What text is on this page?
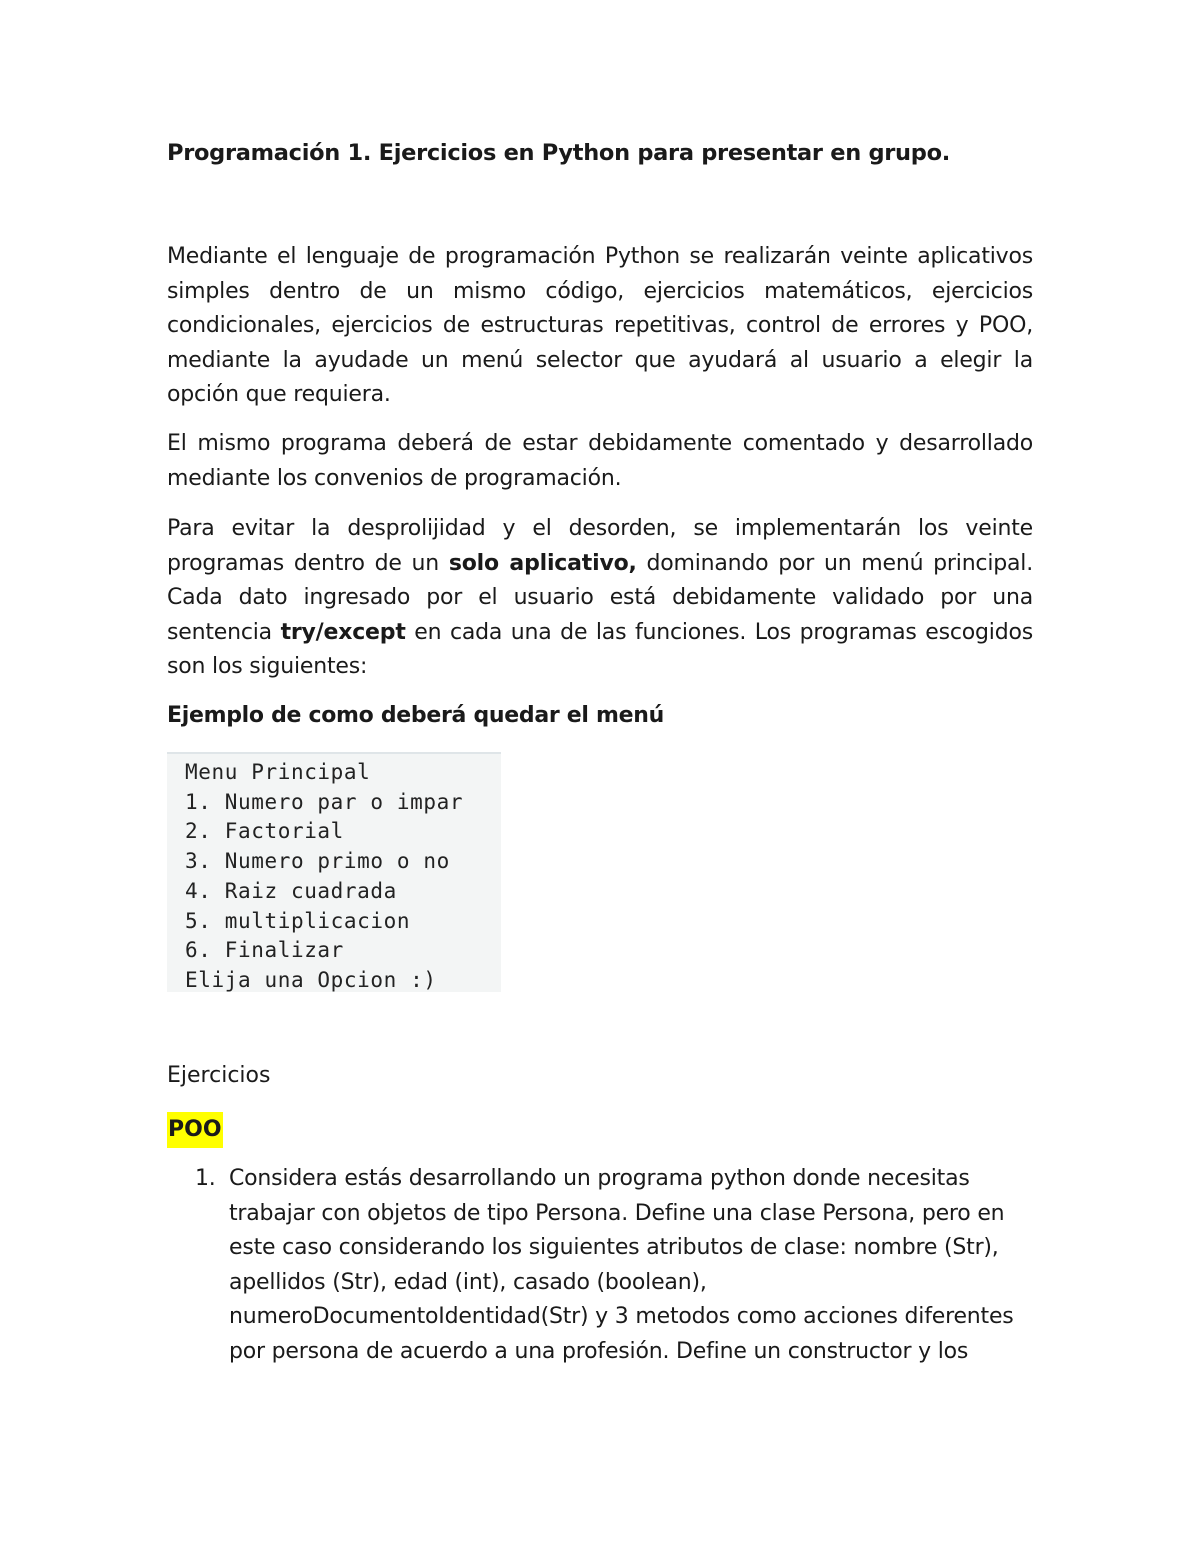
Programación 1. Ejercicios en Python para presentar en grupo.

Mediante el lenguaje de programación Python se realizarán veinte aplicativos simples dentro de un mismo código, ejercicios matemáticos, ejercicios condicionales, ejercicios de estructuras repetitivas, control de errores y POO, mediante la ayudade un menú selector que ayudará al usuario a elegir la opción que requiera.

El mismo programa deberá de estar debidamente comentado y desarrollado mediante los convenios de programación.

Para evitar la desprolijidad y el desorden, se implementarán los veinte programas dentro de un solo aplicativo, dominando por un menú principal. Cada dato ingresado por el usuario está debidamente validado por una sentencia try/except en cada una de las funciones. Los programas escogidos son los siguientes:

Ejemplo de como deberá quedar el menú
Menu Principal
1. Numero par o impar
2. Factorial
3. Numero primo o no
4. Raiz cuadrada
5. multiplicacion
6. Finalizar
Elija una Opcion :)

Ejercicios

POO

1. Considera estás desarrollando un programa python donde necesitas trabajar con objetos de tipo Persona. Define una clase Persona, pero en este caso considerando los siguientes atributos de clase: nombre (Str), apellidos (Str), edad (int), casado (boolean), numeroDocumentoIdentidad(Str) y 3 metodos como acciones diferentes por persona de acuerdo a una profesión. Define un constructor y los
